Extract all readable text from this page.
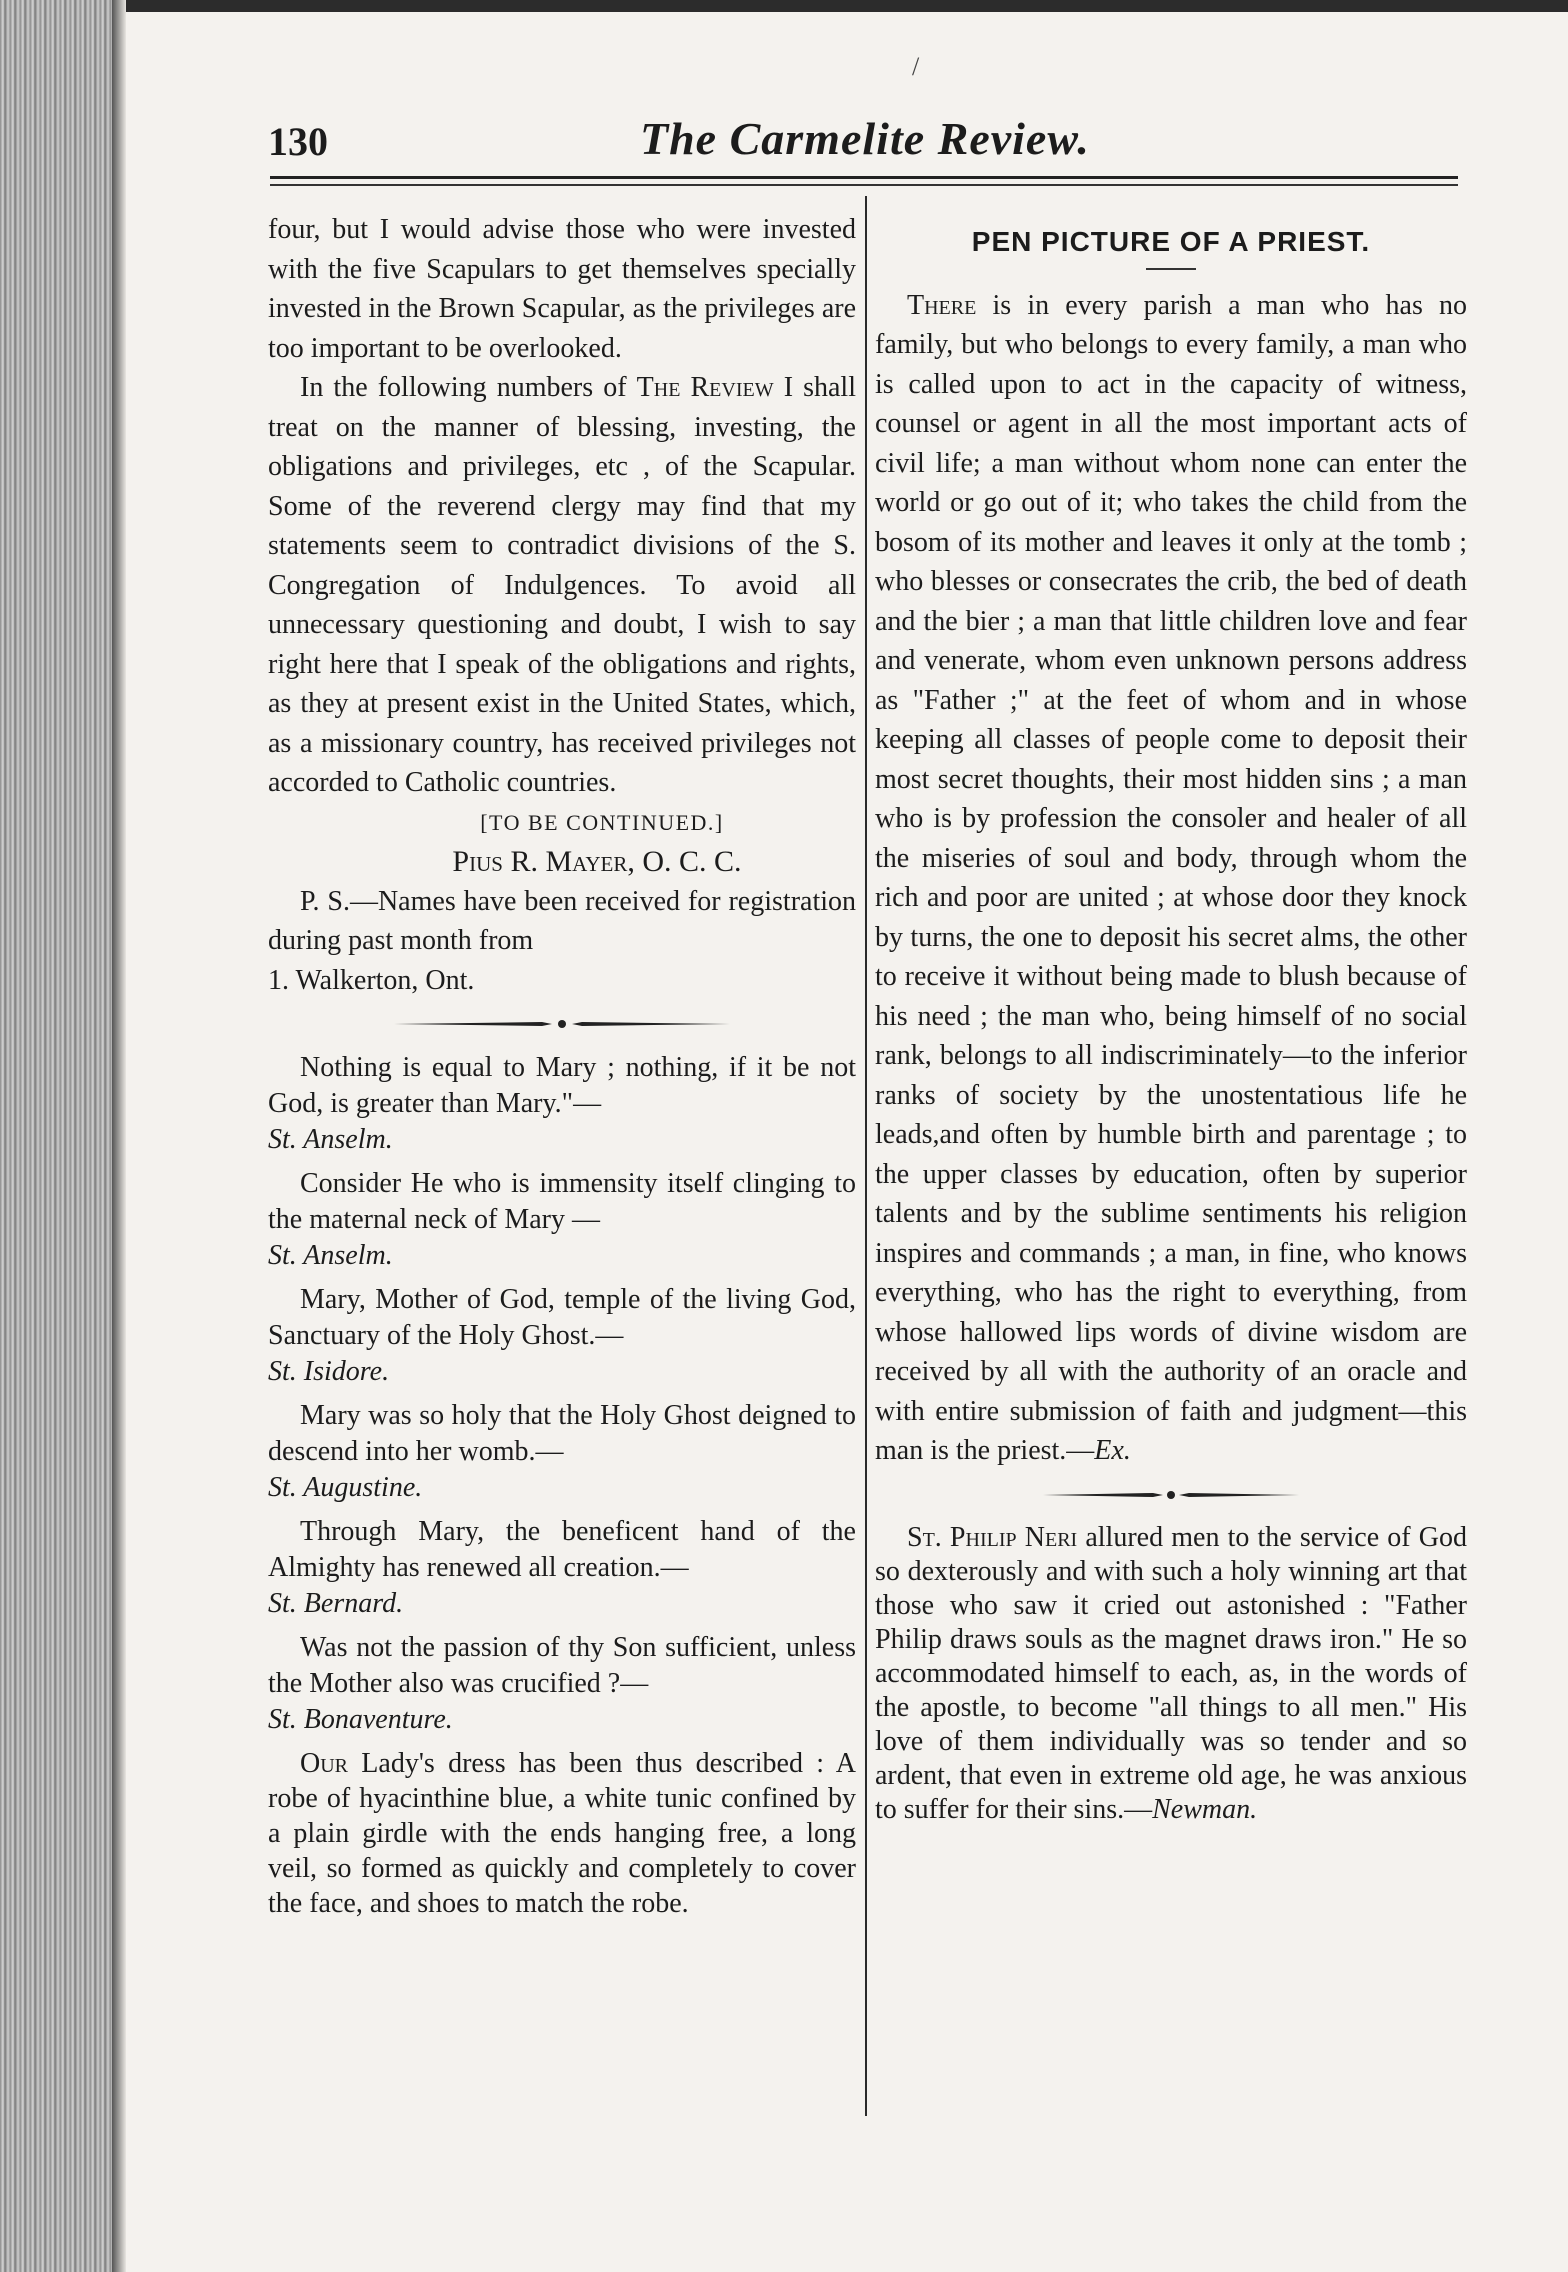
/
130	The Carmelite Review.

four, but I would advise those who were invested with the five Scapulars to get themselves specially invested in the Brown Scapular, as the privileges are too important to be overlooked.

In the following numbers of The Review I shall treat on the manner of blessing, investing, the obligations and privileges, etc , of the Scapular. Some of the reverend clergy may find that my statements seem to contradict divisions of the S. Congregation of Indulgences. To avoid all unnecessary questioning and doubt, I wish to say right here that I speak of the obligations and rights, as they at present exist in the United States, which, as a missionary country, has received privileges not accorded to Catholic countries.

[TO BE CONTINUED.]

Pius R. Mayer, O. C. C.

P. S.—Names have been received for registration during past month from

1. Walkerton, Ont.

Nothing is equal to Mary ; nothing, if it be not God, is greater than Mary."—
St. Anselm.
Consider He who is immensity itself clinging to the maternal neck of Mary —
St. Anselm.
Mary, Mother of God, temple of the living God, Sanctuary of the Holy Ghost.—
St. Isidore.
Mary was so holy that the Holy Ghost deigned to descend into her womb.—
St. Augustine.
Through Mary, the beneficent hand of the Almighty has renewed all creation.—
St. Bernard.
Was not the passion of thy Son sufficient, unless the Mother also was crucified ?—
St. Bonaventure.

Our Lady's dress has been thus described : A robe of hyacinthine blue, a white tunic confined by a plain girdle with the ends hanging free, a long veil, so formed as quickly and completely to cover the face, and shoes to match the robe.

PEN PICTURE OF A PRIEST.

There is in every parish a man who has no family, but who belongs to every family, a man who is called upon to act in the capacity of witness, counsel or agent in all the most important acts of civil life; a man without whom none can enter the world or go out of it; who takes the child from the bosom of its mother and leaves it only at the tomb ; who blesses or consecrates the crib, the bed of death and the bier ; a man that little children love and fear and venerate, whom even unknown persons address as "Father ;" at the feet of whom and in whose keeping all classes of people come to deposit their most secret thoughts, their most hidden sins ; a man who is by profession the consoler and healer of all the miseries of soul and body, through whom the rich and poor are united ; at whose door they knock by turns, the one to deposit his secret alms, the other to receive it without being made to blush because of his need ; the man who, being himself of no social rank, belongs to all indiscriminately—to the inferior ranks of society by the unostentatious life he leads,and often by humble birth and parentage ; to the upper classes by education, often by superior talents and by the sublime sentiments his religion inspires and commands ; a man, in fine, who knows everything, who has the right to everything, from whose hallowed lips words of divine wisdom are received by all with the authority of an oracle and with entire submission of faith and judgment—this man is the priest.—Ex.

St. Philip Neri allured men to the service of God so dexterously and with such a holy winning art that those who saw it cried out astonished : "Father Philip draws souls as the magnet draws iron." He so accommodated himself to each, as, in the words of the apostle, to become "all things to all men." His love of them individually was so tender and so ardent, that even in extreme old age, he was anxious to suffer for their sins.—Newman.
